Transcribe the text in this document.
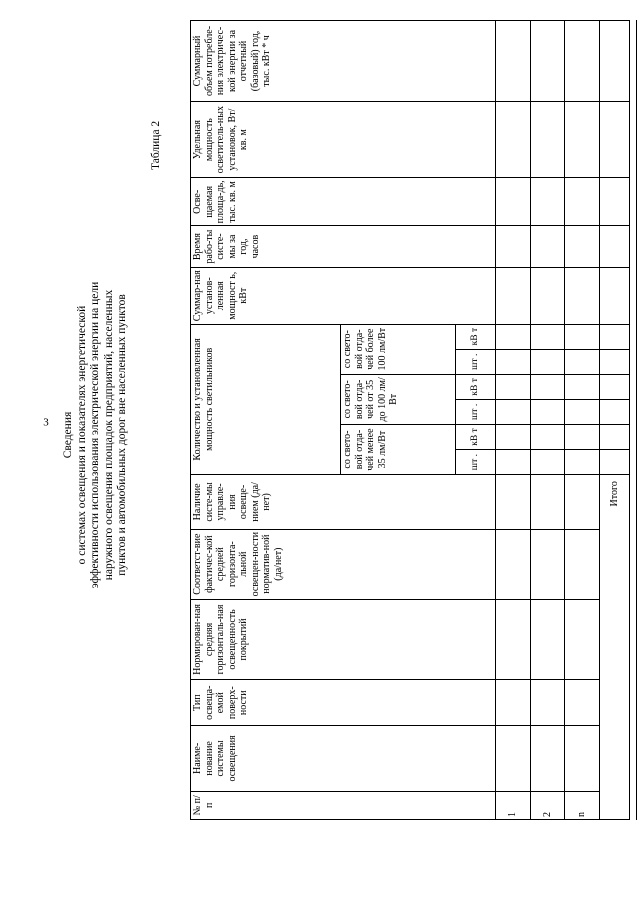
3 Сведения о системах освещения и показателях энергетической эффективности использования электрической энергии на цели наружного освещения площадок предприятий, населенных пунктов и автомобильных дорог вне населенных пунктов
Таблица 2
№ п/п	Наиме-нование системы освещения	Тип освеща-емой поверх-ности	Нормирован-ная средняя горизонталь-ная освещенность покрытий	Соответст-вие фактичес-кой средней горизонта-льной освещен-ности норматив-ной (да/нет)	Наличие систе-мы управле-ния освеще-нием (да/нет)	Количество и установленная мощность светильников						Суммар-ная установ-ленная мощност ь, кВт	Время рабо-ты систе-мы за год, часов	Осве-щаемая площа-дь, тыс. кв. м	Удельная мощность осветитель-ных установок, Вт/кв. м	Суммарный объем потребле-ния электричес-кой энергии за отчетный (базовый) год, тыс. кВт * ч
						со свето-вой отда-чей менее 35 лм/Вт		со свето-вой отда-чей от 35 до 100 лм/Вт		со свето-вой отда-чей более 100 лм/Вт						
						шт .	кВ т	шт .	кВ т	шт .	кВ т					
1																
2																
n																
Итого																
